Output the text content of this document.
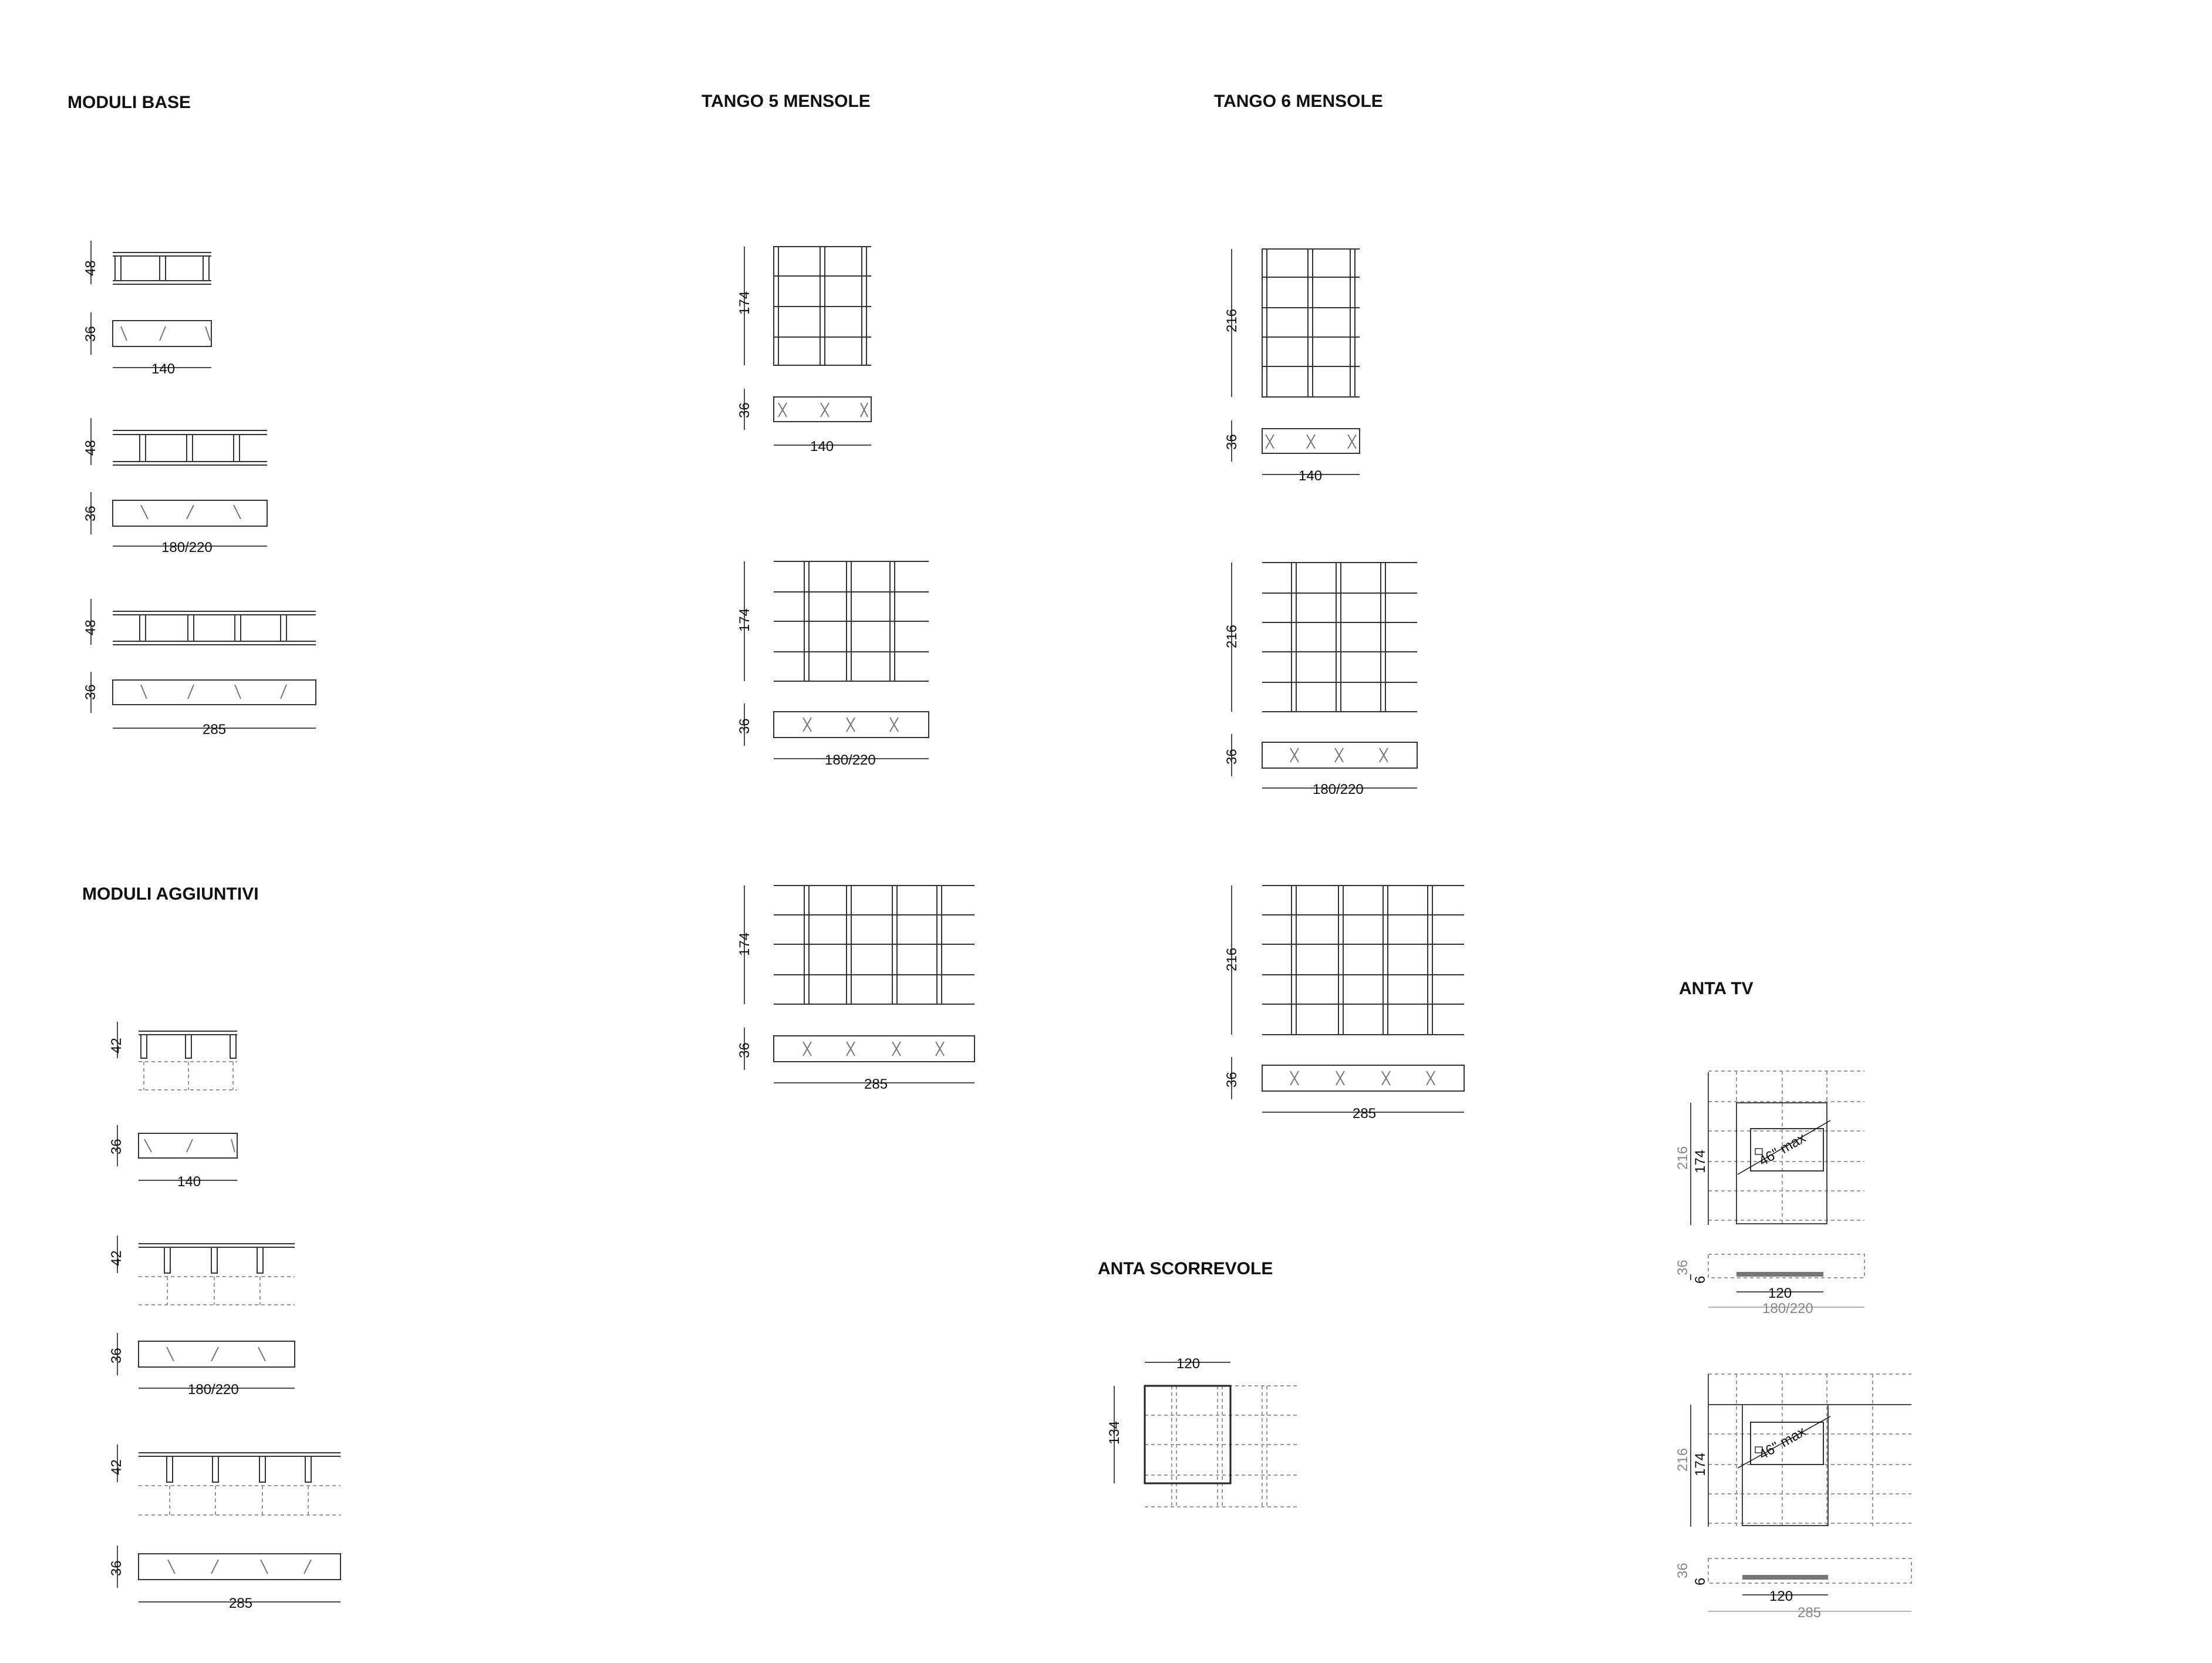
MODULI BASE	TANGO 5 MENSOLE	TANGO 6 MENSOLE
MODULI AGGIUNTIVI
ANTA SCORREVOLE
ANTA TV
48
36
140
48
36
180/220
48
36
285
174
36
140
174
36
180/220
174
36
285
216
36
140
216
36
180/220
216
36
285
42
36
140
42
36
180/220
42
36
285
120
134
216 174	46" max
36
6
120
180/220
216 174
46" max
36
6
120
285
